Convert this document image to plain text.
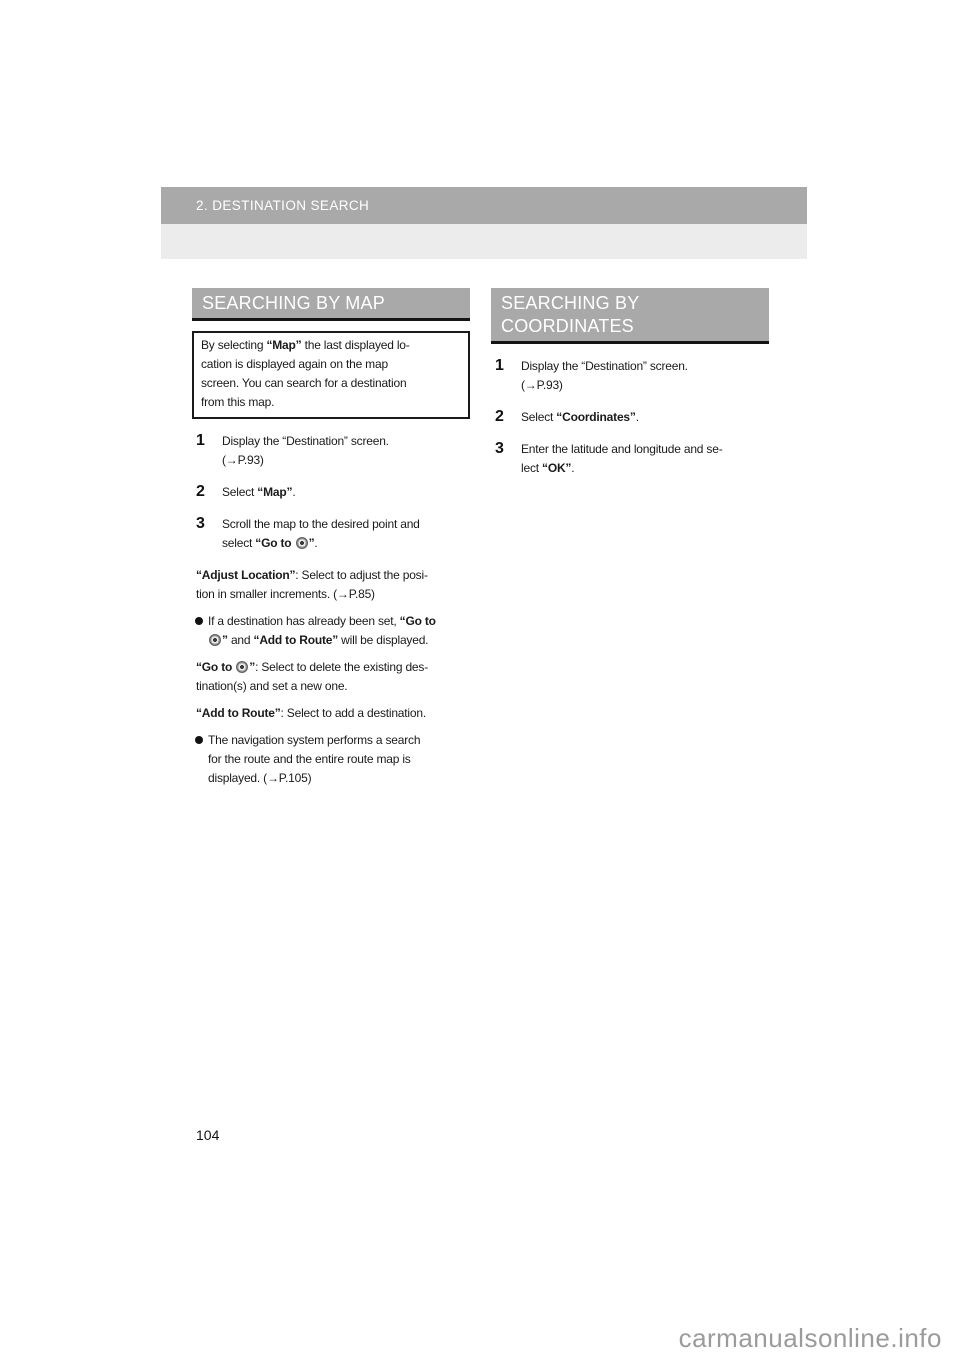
2. DESTINATION SEARCH
SEARCHING BY MAP

By selecting “Map” the last displayed lo-
cation is displayed again on the map
screen. You can search for a destination
from this map.

1 Display the “Destination” screen.
(→P.93)

2 Select “Map”.

3 Scroll the map to the desired point and
select “Go to ”.

“Adjust Location”: Select to adjust the posi-
tion in smaller increments. (→P.85)

If a destination has already been set, “Go to
” and “Add to Route” will be displayed.

“Go to ”: Select to delete the existing des-
tination(s) and set a new one.

“Add to Route”: Select to add a destination.

The navigation system performs a search
for the route and the entire route map is
displayed. (→P.105)

SEARCHING BY
COORDINATES
1 Display the “Destination” screen.
(→P.93)

2 Select “Coordinates”.

3 Enter the latitude and longitude and se-
lect “OK”.

104
carmanualsonline.info
